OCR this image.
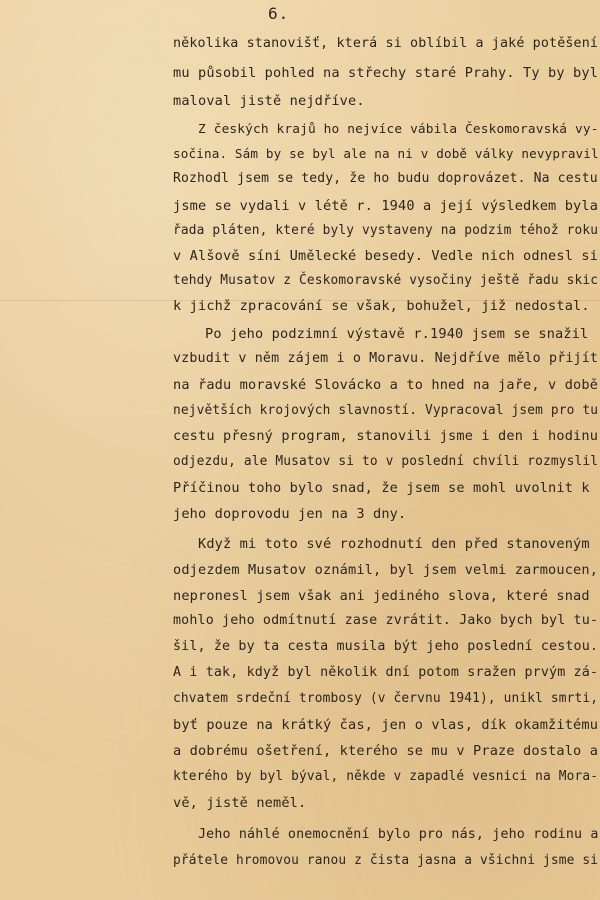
6.
několika stanovišť, která si oblíbil a jaké potěšení
mu působil pohled na střechy staré Prahy. Ty by byl
maloval jistě nejdříve.
Z českých krajů ho nejvíce vábila Českomoravská vy-
sočina. Sám by se byl ale na ni v době války nevypravil
Rozhodl jsem se tedy, že ho budu doprovázet. Na cestu
jsme se vydali v létě r. 1940 a její výsledkem byla
řada pláten, které byly vystaveny na podzim téhož roku
v Alšově síni Umělecké besedy. Vedle nich odnesl si
tehdy Musatov z Českomoravské vysočiny ještě řadu skic
k jichž zpracování se však, bohužel, již nedostal.
Po jeho podzimní výstavě r.1940 jsem se snažil
vzbudit v něm zájem i o Moravu. Nejdříve mělo přijít
na řadu moravské Slovácko a to hned na jaře, v době
největších krojových slavností. Vypracoval jsem pro tu
cestu přesný program, stanovili jsme i den i hodinu
odjezdu, ale Musatov si to v poslední chvíli rozmyslil
Příčinou toho bylo snad, že jsem se mohl uvolnit k
jeho doprovodu jen na 3 dny.
Když mi toto své rozhodnutí den před stanoveným
odjezdem Musatov oznámil, byl jsem velmi zarmoucen,
nepronesl jsem však ani jediného slova, které snad
mohlo jeho odmítnutí zase zvrátit. Jako bych byl tu-
šil, že by ta cesta musila být jeho poslední cestou.
A i tak, když byl několik dní potom sražen prvým zá-
chvatem srdeční trombosy (v červnu 1941), unikl smrti,
byť pouze na krátký čas, jen o vlas, dík okamžitému
a dobrému ošetření, kterého se mu v Praze dostalo a
kterého by byl býval, někde v zapadlé vesnici na Mora-
vě, jistě neměl.
Jeho náhlé onemocnění bylo pro nás, jeho rodinu a
přátele hromovou ranou z čista jasna a všichni jsme si
